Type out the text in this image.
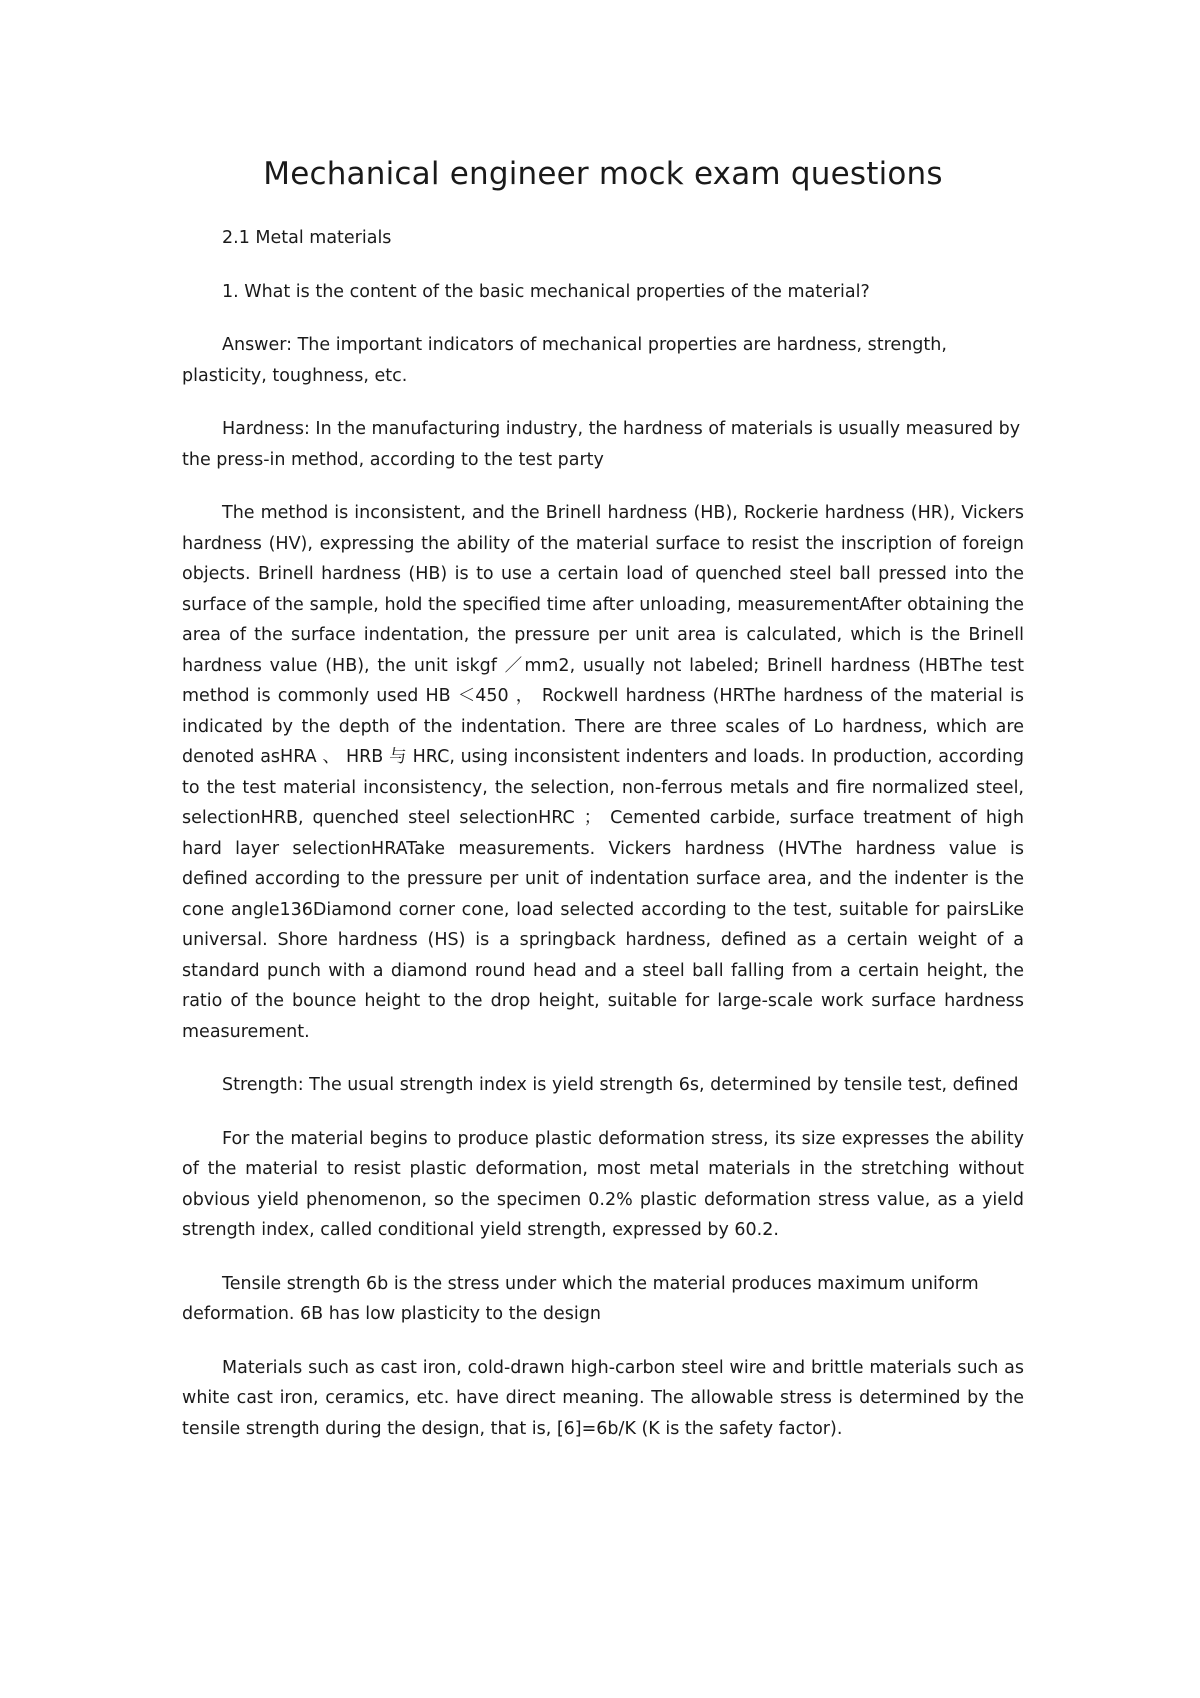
Mechanical engineer mock exam questions

2.1 Metal materials

1. What is the content of the basic mechanical properties of the material?

Answer: The important indicators of mechanical properties are hardness, strength, plasticity, toughness, etc.

Hardness: In the manufacturing industry, the hardness of materials is usually measured by the press-in method, according to the test party

The method is inconsistent, and the Brinell hardness (HB), Rockerie hardness (HR), Vickers hardness (HV), expressing the ability of the material surface to resist the inscription of foreign objects. Brinell hardness (HB) is to use a certain load of quenched steel ball pressed into the surface of the sample, hold the specified time after unloading, measurementAfter obtaining the area of the surface indentation, the pressure per unit area is calculated, which is the Brinell hardness value (HB), the unit iskgf ／mm2, usually not labeled; Brinell hardness (HBThe test method is commonly used HB ＜450 ， Rockwell hardness (HRThe hardness of the material is indicated by the depth of the indentation. There are three scales of Lo hardness, which are denoted asHRA 、 HRB 与 HRC, using inconsistent indenters and loads. In production, according to the test material inconsistency, the selection, non-ferrous metals and fire normalized steel, selectionHRB, quenched steel selectionHRC ； Cemented carbide, surface treatment of high hard layer selectionHRATake measurements. Vickers hardness (HVThe hardness value is defined according to the pressure per unit of indentation surface area, and the indenter is the cone angle136Diamond corner cone, load selected according to the test, suitable for pairsLike universal. Shore hardness (HS) is a springback hardness, defined as a certain weight of a standard punch with a diamond round head and a steel ball falling from a certain height, the ratio of the bounce height to the drop height, suitable for large-scale work surface hardness measurement.

Strength: The usual strength index is yield strength 6s, determined by tensile test, defined

For the material begins to produce plastic deformation stress, its size expresses the ability of the material to resist plastic deformation, most metal materials in the stretching without obvious yield phenomenon, so the specimen 0.2% plastic deformation stress value, as a yield strength index, called conditional yield strength, expressed by 60.2.

Tensile strength 6b is the stress under which the material produces maximum uniform deformation. 6B has low plasticity to the design

Materials such as cast iron, cold-drawn high-carbon steel wire and brittle materials such as white cast iron, ceramics, etc. have direct meaning. The allowable stress is determined by the tensile strength during the design, that is, [6]=6b/K (K is the safety factor).
